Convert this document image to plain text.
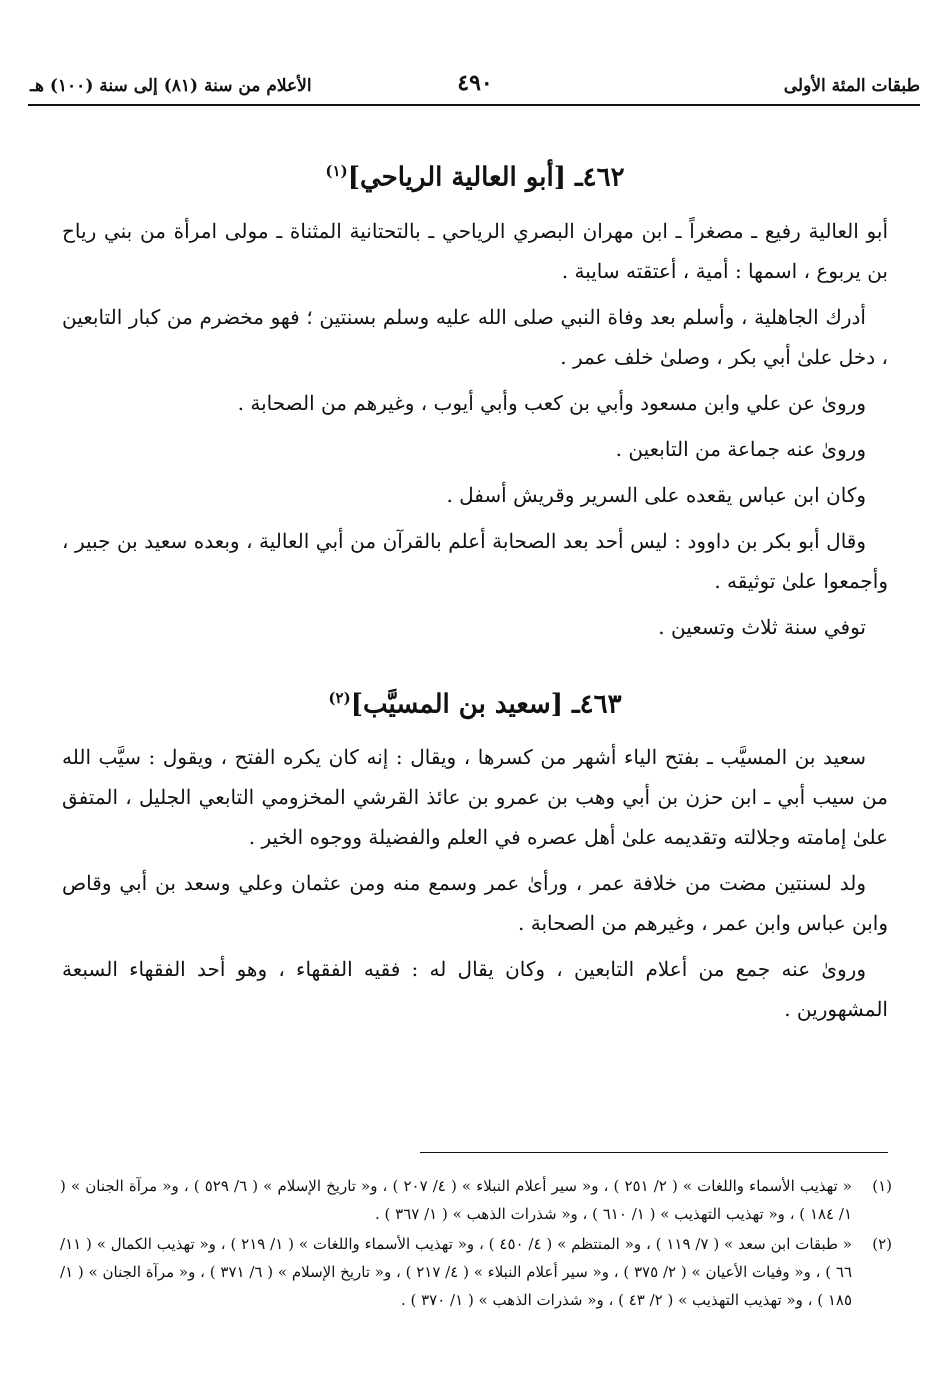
طبقات المئة الأولى
٤٩٠
الأعلام من سنة (٨١) إلى سنة (١٠٠) هـ
٤٦٢ـ [أبو العالية الرياحي]$^{(١)}$

أبو العالية رفيع ـ مصغراً ـ ابن مهران البصري الرياحي ـ بالتحتانية المثناة ـ مولى امرأة من بني رياح بن يربوع ، اسمها : أمية ، أعتقته سايبة .

أدرك الجاهلية ، وأسلم بعد وفاة النبي صلى الله عليه وسلم بسنتين ؛ فهو مخضرم من كبار التابعين ، دخل علىٰ أبي بكر ، وصلىٰ خلف عمر .

وروىٰ عن علي وابن مسعود وأبي بن كعب وأبي أيوب ، وغيرهم من الصحابة .

وروىٰ عنه جماعة من التابعين .

وكان ابن عباس يقعده على السرير وقريش أسفل .

وقال أبو بكر بن داوود : ليس أحد بعد الصحابة أعلم بالقرآن من أبي العالية ، وبعده سعيد بن جبير ، وأجمعوا علىٰ توثيقه .

توفي سنة ثلاث وتسعين .

٤٦٣ـ [سعيد بن المسيَّب]$^{(٢)}$

سعيد بن المسيَّب ـ بفتح الياء أشهر من كسرها ، ويقال : إنه كان يكره الفتح ، ويقول : سيَّب الله من سيب أبي ـ ابن حزن بن أبي وهب بن عمرو بن عائذ القرشي المخزومي التابعي الجليل ، المتفق علىٰ إمامته وجلالته وتقديمه علىٰ أهل عصره في العلم والفضيلة ووجوه الخير .

ولد لسنتين مضت من خلافة عمر ، ورأىٰ عمر وسمع منه ومن عثمان وعلي وسعد بن أبي وقاص وابن عباس وابن عمر ، وغيرهم من الصحابة .

وروىٰ عنه جمع من أعلام التابعين ، وكان يقال له : فقيه الفقهاء ، وهو أحد الفقهاء السبعة المشهورين .

(١)
« تهذيب الأسماء واللغات » ( ٢/ ٢٥١ ) ، و« سير أعلام النبلاء » ( ٤/ ٢٠٧ ) ، و« تاريخ الإسلام » ( ٦/ ٥٢٩ ) ، و« مرآة الجنان » ( ١/ ١٨٤ ) ، و« تهذيب التهذيب » ( ١/ ٦١٠ ) ، و« شذرات الذهب » ( ١/ ٣٦٧ ) .
(٢)
« طبقات ابن سعد » ( ٧/ ١١٩ ) ، و« المنتظم » ( ٤/ ٤٥٠ ) ، و« تهذيب الأسماء واللغات » ( ١/ ٢١٩ ) ، و« تهذيب الكمال » ( ١١/ ٦٦ ) ، و« وفيات الأعيان » ( ٢/ ٣٧٥ ) ، و« سير أعلام النبلاء » ( ٤/ ٢١٧ ) ، و« تاريخ الإسلام » ( ٦/ ٣٧١ ) ، و« مرآة الجنان » ( ١/ ١٨٥ ) ، و« تهذيب التهذيب » ( ٢/ ٤٣ ) ، و« شذرات الذهب » ( ١/ ٣٧٠ ) .
